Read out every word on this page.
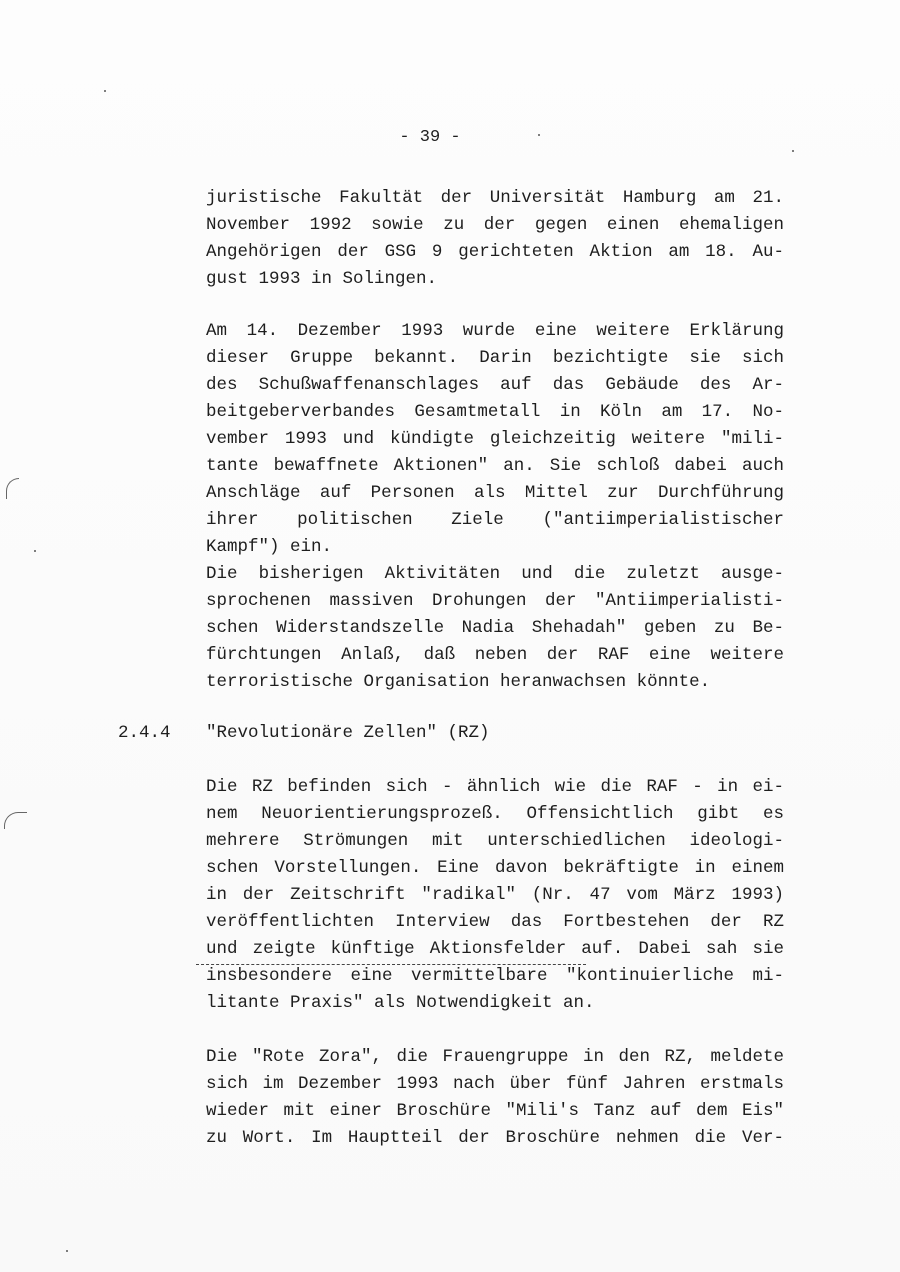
- 39 -
juristische Fakultät der Universität Hamburg am 21.
November 1992 sowie zu der gegen einen ehemaligen
Angehörigen der GSG 9 gerichteten Aktion am 18. Au-
gust 1993 in Solingen.
Am 14. Dezember 1993 wurde eine weitere Erklärung
dieser Gruppe bekannt. Darin bezichtigte sie sich
des Schußwaffenanschlages auf das Gebäude des Ar-
beitgeberverbandes Gesamtmetall in Köln am 17. No-
vember 1993 und kündigte gleichzeitig weitere "mili-
tante bewaffnete Aktionen" an. Sie schloß dabei auch
Anschläge auf Personen als Mittel zur Durchführung
ihrer politischen Ziele ("antiimperialistischer
Kampf") ein.
Die bisherigen Aktivitäten und die zuletzt ausge-
sprochenen massiven Drohungen der "Antiimperialisti-
schen Widerstandszelle Nadia Shehadah" geben zu Be-
fürchtungen Anlaß, daß neben der RAF eine weitere
terroristische Organisation heranwachsen könnte.
2.4.4 "Revolutionäre Zellen" (RZ)
Die RZ befinden sich - ähnlich wie die RAF - in ei-
nem Neuorientierungsprozeß. Offensichtlich gibt es
mehrere Strömungen mit unterschiedlichen ideologi-
schen Vorstellungen. Eine davon bekräftigte in einem
in der Zeitschrift "radikal" (Nr. 47 vom März 1993)
veröffentlichten Interview das Fortbestehen der RZ
und zeigte künftige Aktionsfelder auf. Dabei sah sie
insbesondere eine vermittelbare "kontinuierliche mi-
litante Praxis" als Notwendigkeit an.
Die "Rote Zora", die Frauengruppe in den RZ, meldete
sich im Dezember 1993 nach über fünf Jahren erstmals
wieder mit einer Broschüre "Mili's Tanz auf dem Eis"
zu Wort. Im Hauptteil der Broschüre nehmen die Ver-
